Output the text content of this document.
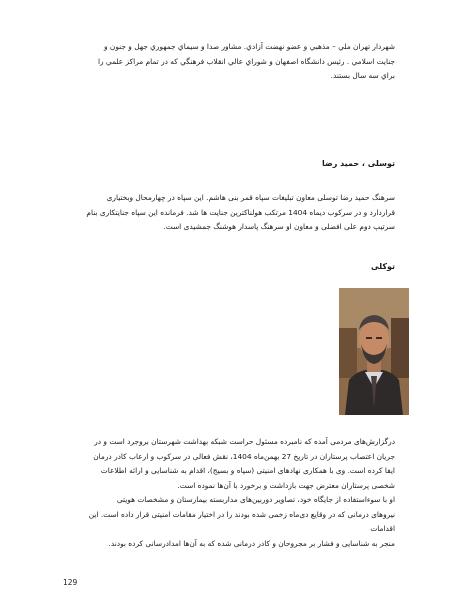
شهردار تهران ملي – مذهبي و عضو نهضت آزادي. مشاور صدا و سيماي جمهوري جهل و جنون و
جنايت اسلامي . رئيس دانشگاه اصفهان و شوراي عالي انقلاب فرهنگي كه در تمام مراكز علمي را
براي سه سال بستند.

توسلی ، حمید رضا

سرهنگ حمید رضا توسلی معاون تبلیغات سپاه قمر بنی هاشم. این سپاه در چهارمحال وبختیاری
قراردارد و در سرکوب دیماه 1404 مرتکب هولناکترین جنایت ها شد. فرمانده این سپاه جنایتکاری بنام
سرتیپ دوم علی افضلی و معاون او سرهنگ پاسدار هوشنگ جمشیدی است.

توکلی

درگزارش‌های مردمی آمده که نامبرده مسئول حراست شبکه بهداشت شهرستان بروجرد است و در
جریان اعتصاب پرستاران در تاریخ 27 بهمن‌ماه 1404، نقش فعالی در سرکوب و ارعاب کادر درمان
ایفا کرده است. وی با همکاری نهادهای امنیتی (سپاه و بسیج)، اقدام به شناسایی و ارائه اطلاعات
شخصی پرستاران معترض جهت بازداشت و برخورد با آن‌ها نموده است.
او با سوءاستفاده از جایگاه خود، تصاویر دوربین‌های مداربسته بیمارستان و مشخصات هویتی
نیروهای درمانی که در وقایع دی‌ماه زخمی شده بودند را در اختیار مقامات امنیتی قرار داده است. این اقدامات
منجر به شناسایی و فشار بر مجروحان و کادر درمانی شده که به آن‌ها امدادرسانی کرده بودند.

129
